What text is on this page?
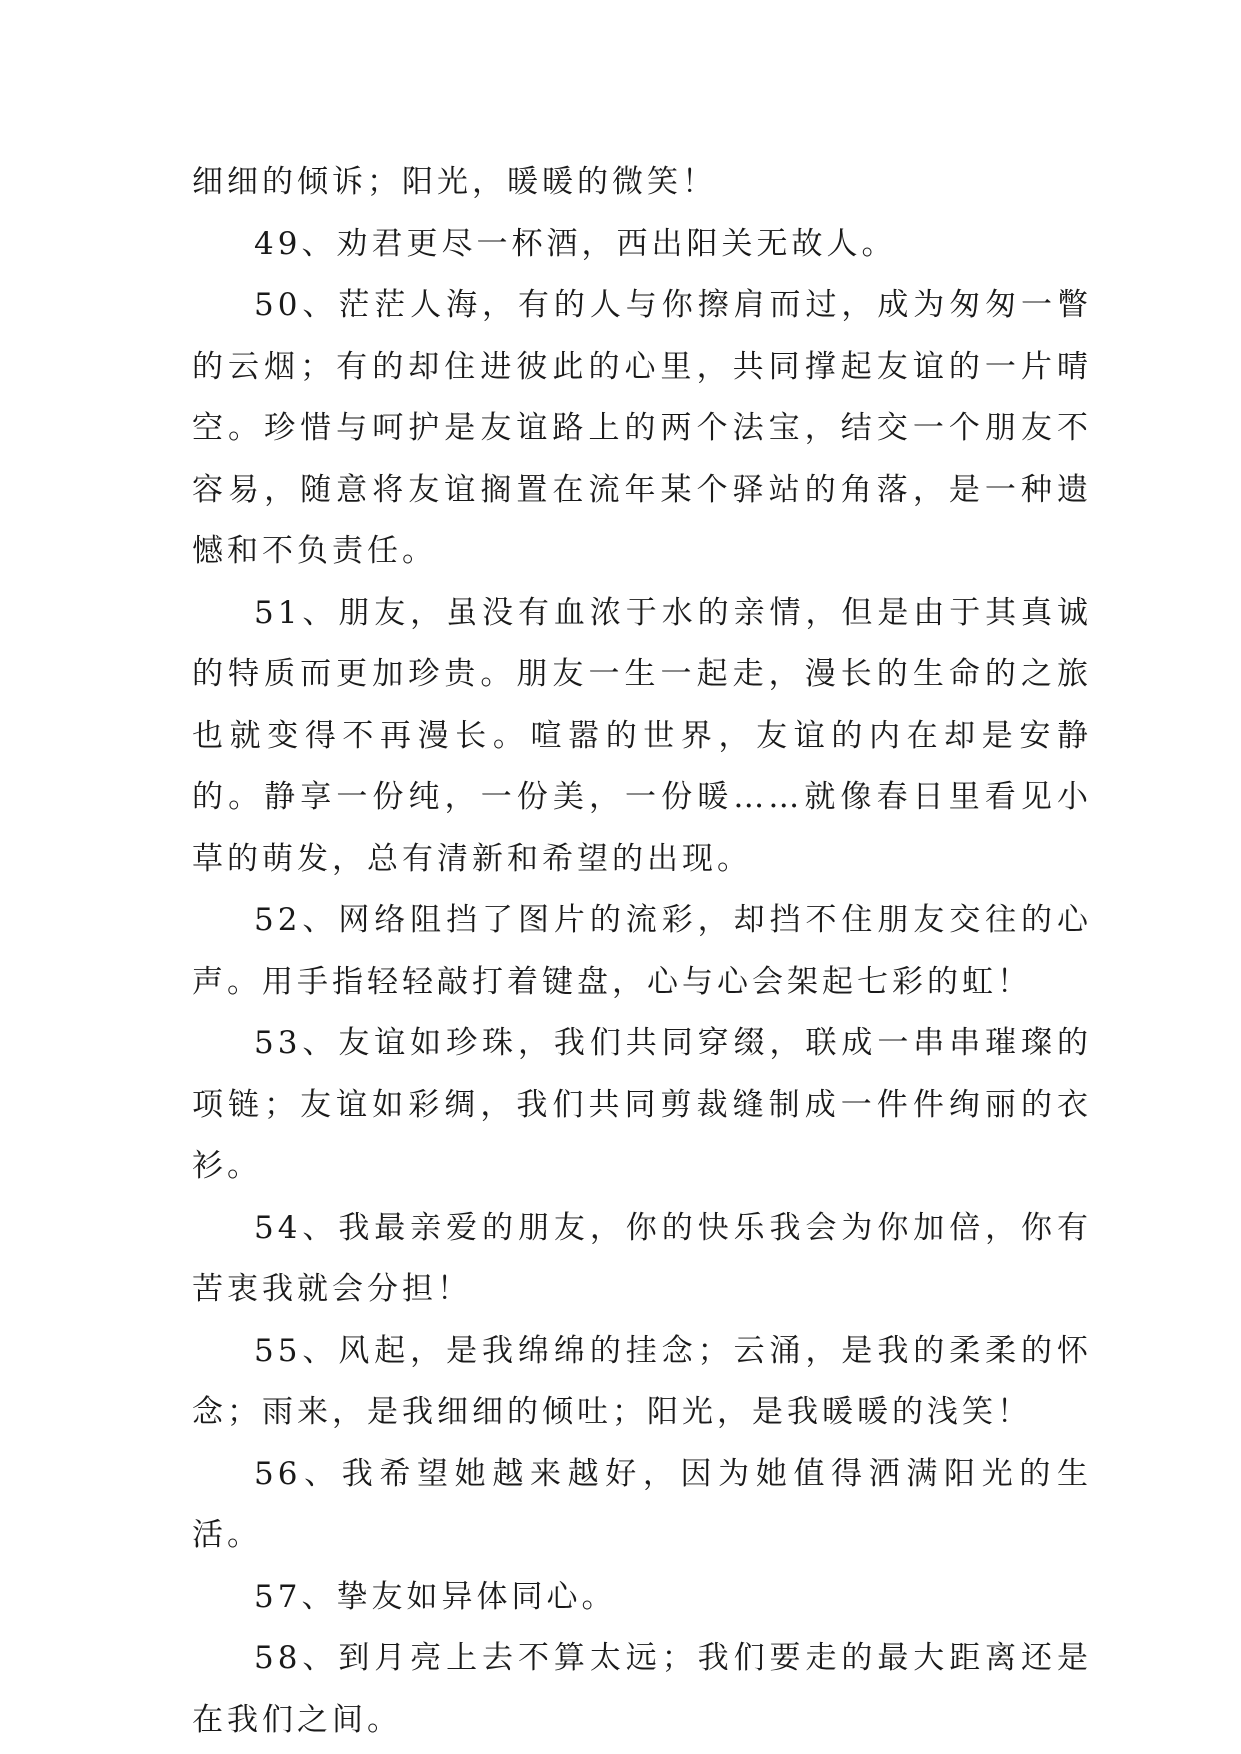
细细的倾诉；阳光，暖暖的微笑！

49、劝君更尽一杯酒，西出阳关无故人。

50、茫茫人海，有的人与你擦肩而过，成为匆匆一瞥的云烟；有的却住进彼此的心里，共同撑起友谊的一片晴空。珍惜与呵护是友谊路上的两个法宝，结交一个朋友不容易，随意将友谊搁置在流年某个驿站的角落，是一种遗憾和不负责任。

51、朋友，虽没有血浓于水的亲情，但是由于其真诚的特质而更加珍贵。朋友一生一起走，漫长的生命的之旅也就变得不再漫长。喧嚣的世界，友谊的内在却是安静的。静享一份纯，一份美，一份暖……就像春日里看见小草的萌发，总有清新和希望的出现。

52、网络阻挡了图片的流彩，却挡不住朋友交往的心声。用手指轻轻敲打着键盘，心与心会架起七彩的虹！

53、友谊如珍珠，我们共同穿缀，联成一串串璀璨的项链；友谊如彩绸，我们共同剪裁缝制成一件件绚丽的衣衫。

54、我最亲爱的朋友，你的快乐我会为你加倍，你有苦衷我就会分担！

55、风起，是我绵绵的挂念；云涌，是我的柔柔的怀念；雨来，是我细细的倾吐；阳光，是我暖暖的浅笑！

56、我希望她越来越好，因为她值得洒满阳光的生活。

57、挚友如异体同心。

58、到月亮上去不算太远；我们要走的最大距离还是在我们之间。
